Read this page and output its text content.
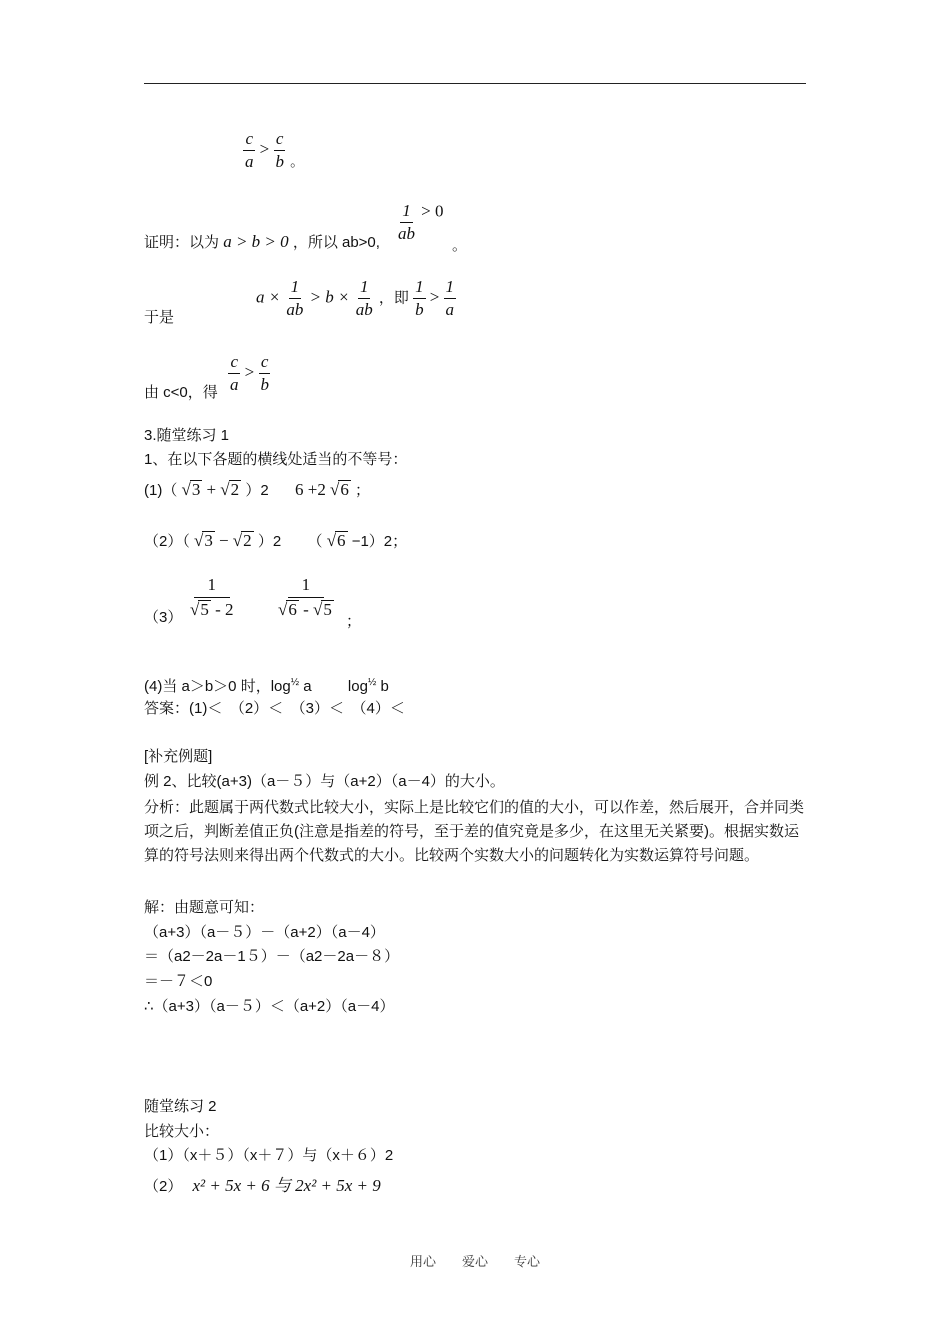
$\frac{c}{a} > \frac{c}{b}$ 。
证明：以为 a > b > 0 ，所以 ab>0, $\frac{1}{ab} > 0$
。
于是
$a \times \frac{1}{ab} > b \times \frac{1}{ab}$ ，即 $\frac{1}{b} > \frac{1}{a}$
由 c<0，得 $\frac{c}{a} > \frac{c}{b}$
3.随堂练习 1
1、在以下各题的横线处适当的不等号：
(1)（ √3 + √2 ）2 6 +2 √6 ；
（2）（ √3 − √2 ）2 （ √6 −1）2；
$(3) \frac{1}{√5 - 2} \frac{1}{√6 - √5}$
；
(4)当 a＞b＞0 时，$\log^{\frac{1}{2}} a$ $\log^{\frac{1}{2}} b$
答案：(1)＜　（2）＜　（3）＜　（4）＜
[补充例题]
例 2、比较(a+3)（a－５）与（a+2）（a－4）的大小。
分析：此题属于两代数式比较大小，实际上是比较它们的值的大小，可以作差，然后展开，合并同类项之后，判断差值正负(注意是指差的符号，至于差的值究竟是多少，在这里无关紧要)。根据实数运算的符号法则来得出两个代数式的大小。比较两个实数大小的问题转化为实数运算符号问题。
解：由题意可知：
（a+3）（a－５）－（a+2）（a－4）
＝（a2－2a－1５）－（a2－2a－８）
＝－７＜0
∴（a+3）（a－５）＜（a+2）（a－4）
随堂练习 2
比较大小：
（1）（x＋５）（x＋７）与（x＋６）2
（2） x² + 5x + 6 与 2x² + 5x + 9
用心　　爱心　　专心
